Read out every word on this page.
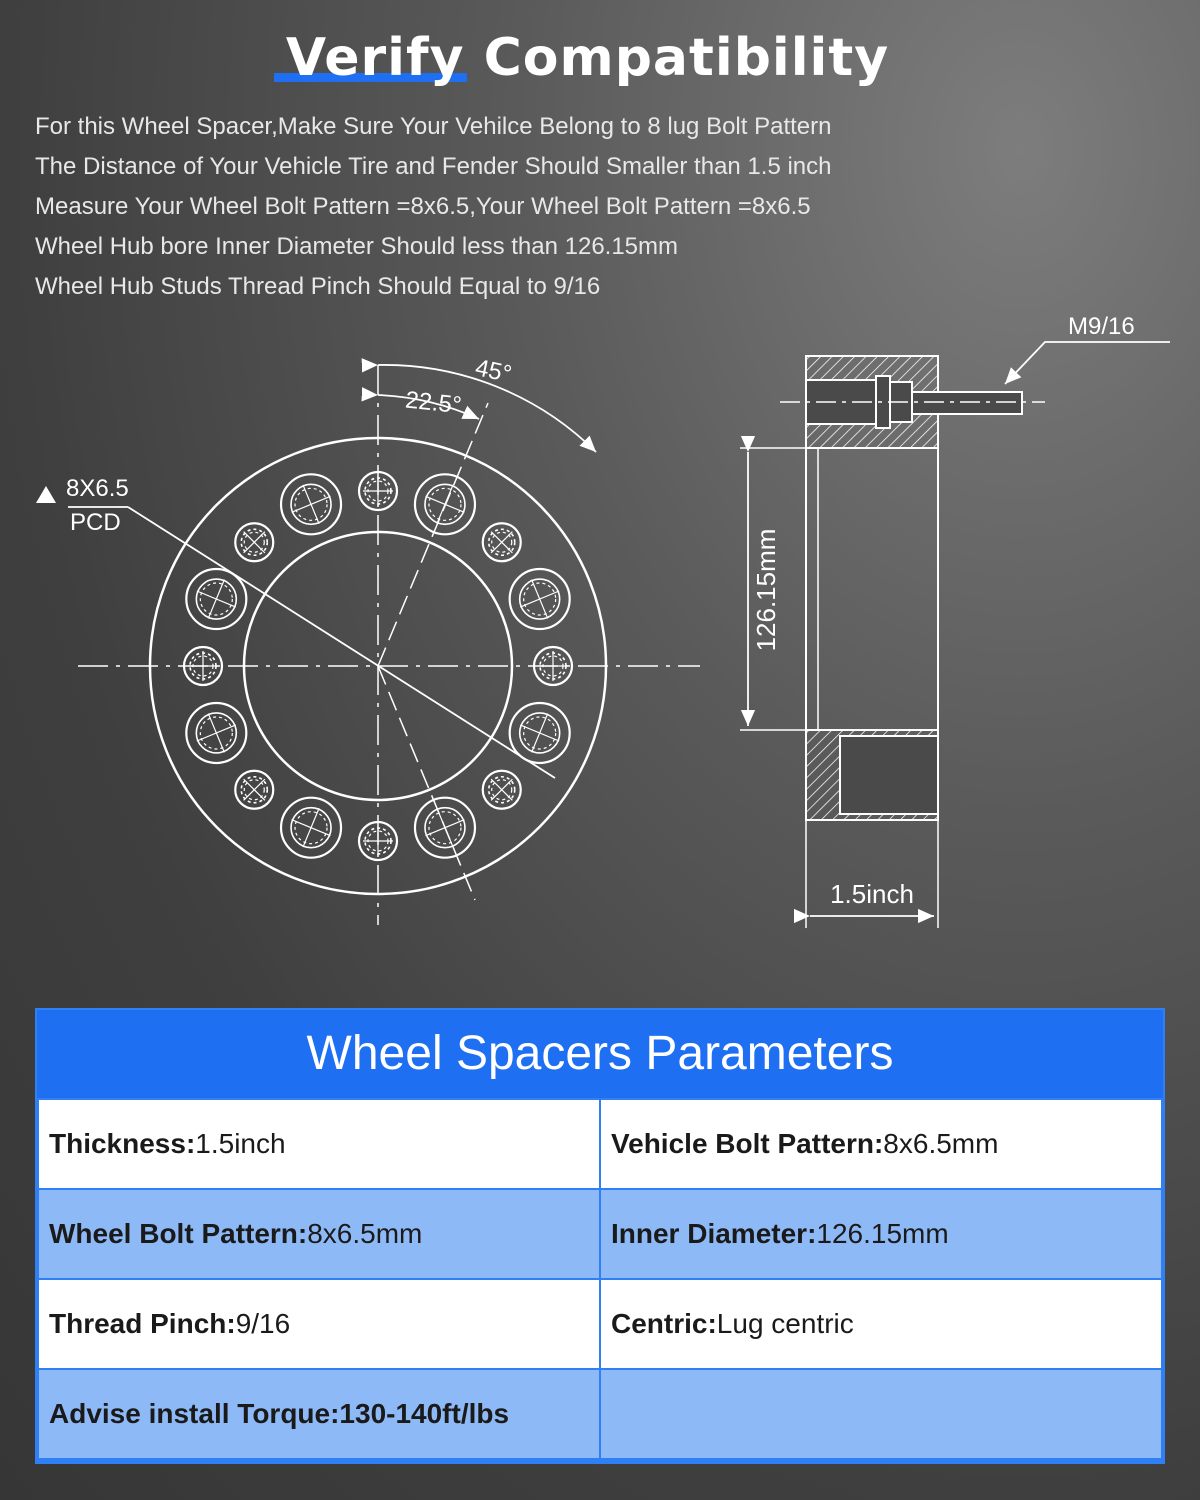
Verify Compatibility
For this Wheel Spacer,Make Sure Your Vehilce Belong to 8 lug Bolt Pattern
The Distance of Your Vehicle Tire and Fender Should Smaller than 1.5 inch
Measure Your Wheel Bolt Pattern =8x6.5,Your Wheel Bolt Pattern =8x6.5
Wheel Hub bore Inner Diameter Should less than 126.15mm
Wheel Hub Studs Thread Pinch Should Equal to 9/16
45°
22.5°
8X6.5
PCD
M9/16
126.15mm
1.5inch
Wheel Spacers Parameters
Thickness:1.5inch	Vehicle Bolt Pattern:8x6.5mm
Wheel Bolt Pattern:8x6.5mm	Inner Diameter:126.15mm
Thread Pinch:9/16	Centric:Lug centric
Advise install Torque:130-140ft/lbs	
